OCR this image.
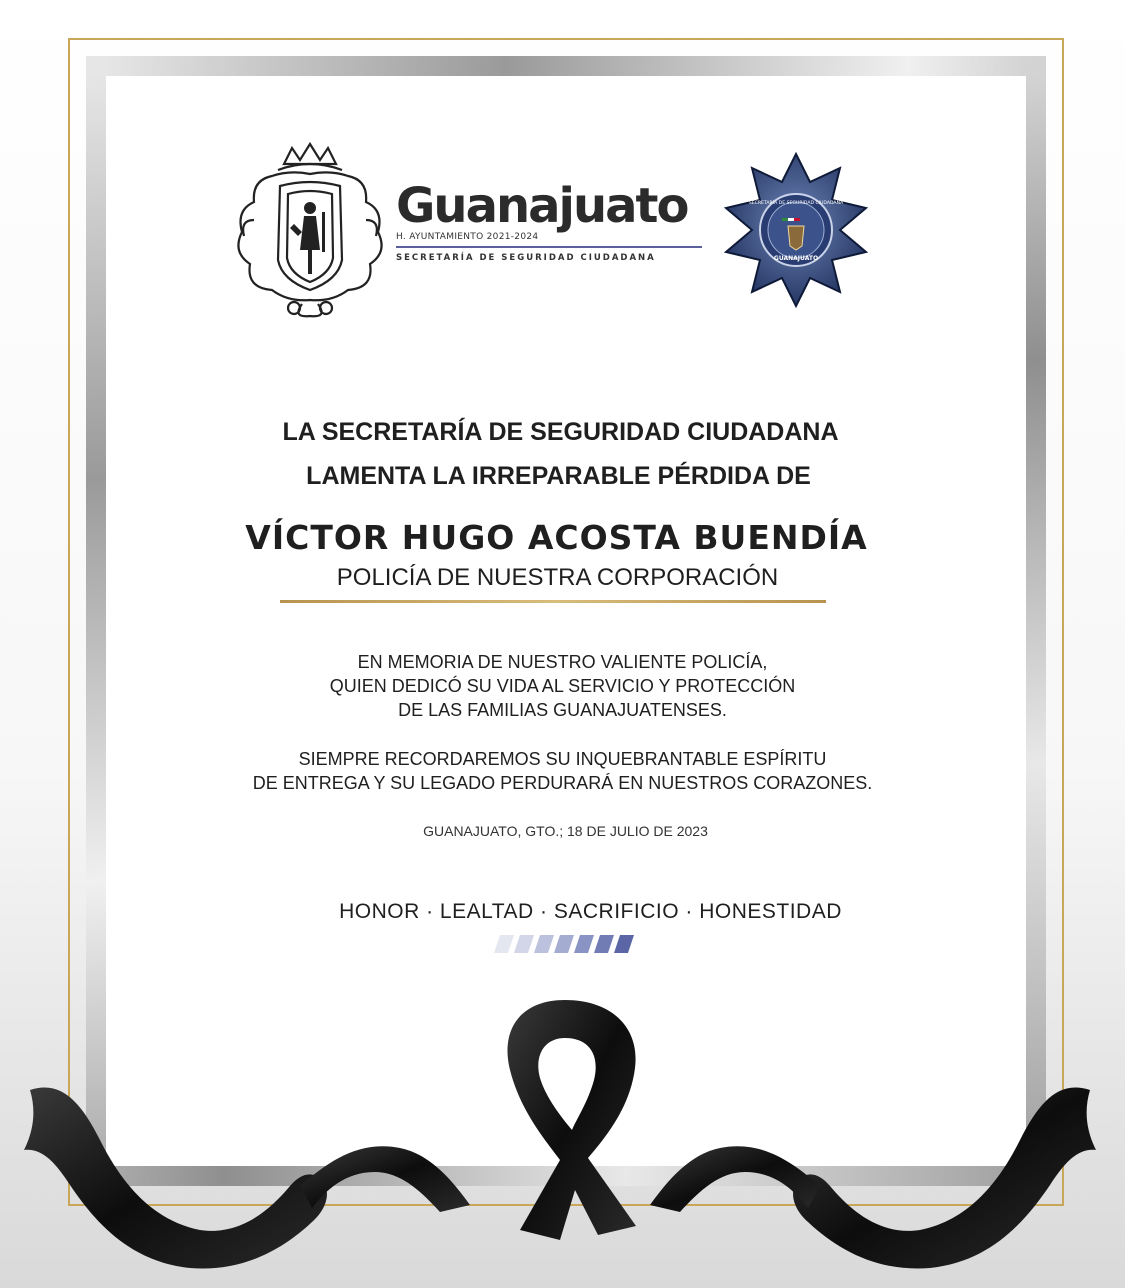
Guanajuato
H. AYUNTAMIENTO 2021-2024
SECRETARÍA DE SEGURIDAD CIUDADANA
SECRETARÍA DE SEGURIDAD CIUDADANA
GUANAJUATO
LA SECRETARÍA DE SEGURIDAD CIUDADANA
LAMENTA LA IRREPARABLE PÉRDIDA DE
VÍCTOR HUGO ACOSTA BUENDÍA
POLICÍA DE NUESTRA CORPORACIÓN
EN MEMORIA DE NUESTRO VALIENTE POLICÍA,
QUIEN DEDICÓ SU VIDA AL SERVICIO Y PROTECCIÓN
DE LAS FAMILIAS GUANAJUATENSES.
SIEMPRE RECORDAREMOS SU INQUEBRANTABLE ESPÍRITU
DE ENTREGA Y SU LEGADO PERDURARÁ EN NUESTROS CORAZONES.
GUANAJUATO, GTO.; 18 DE JULIO DE 2023
HONOR · LEALTAD · SACRIFICIO · HONESTIDAD
